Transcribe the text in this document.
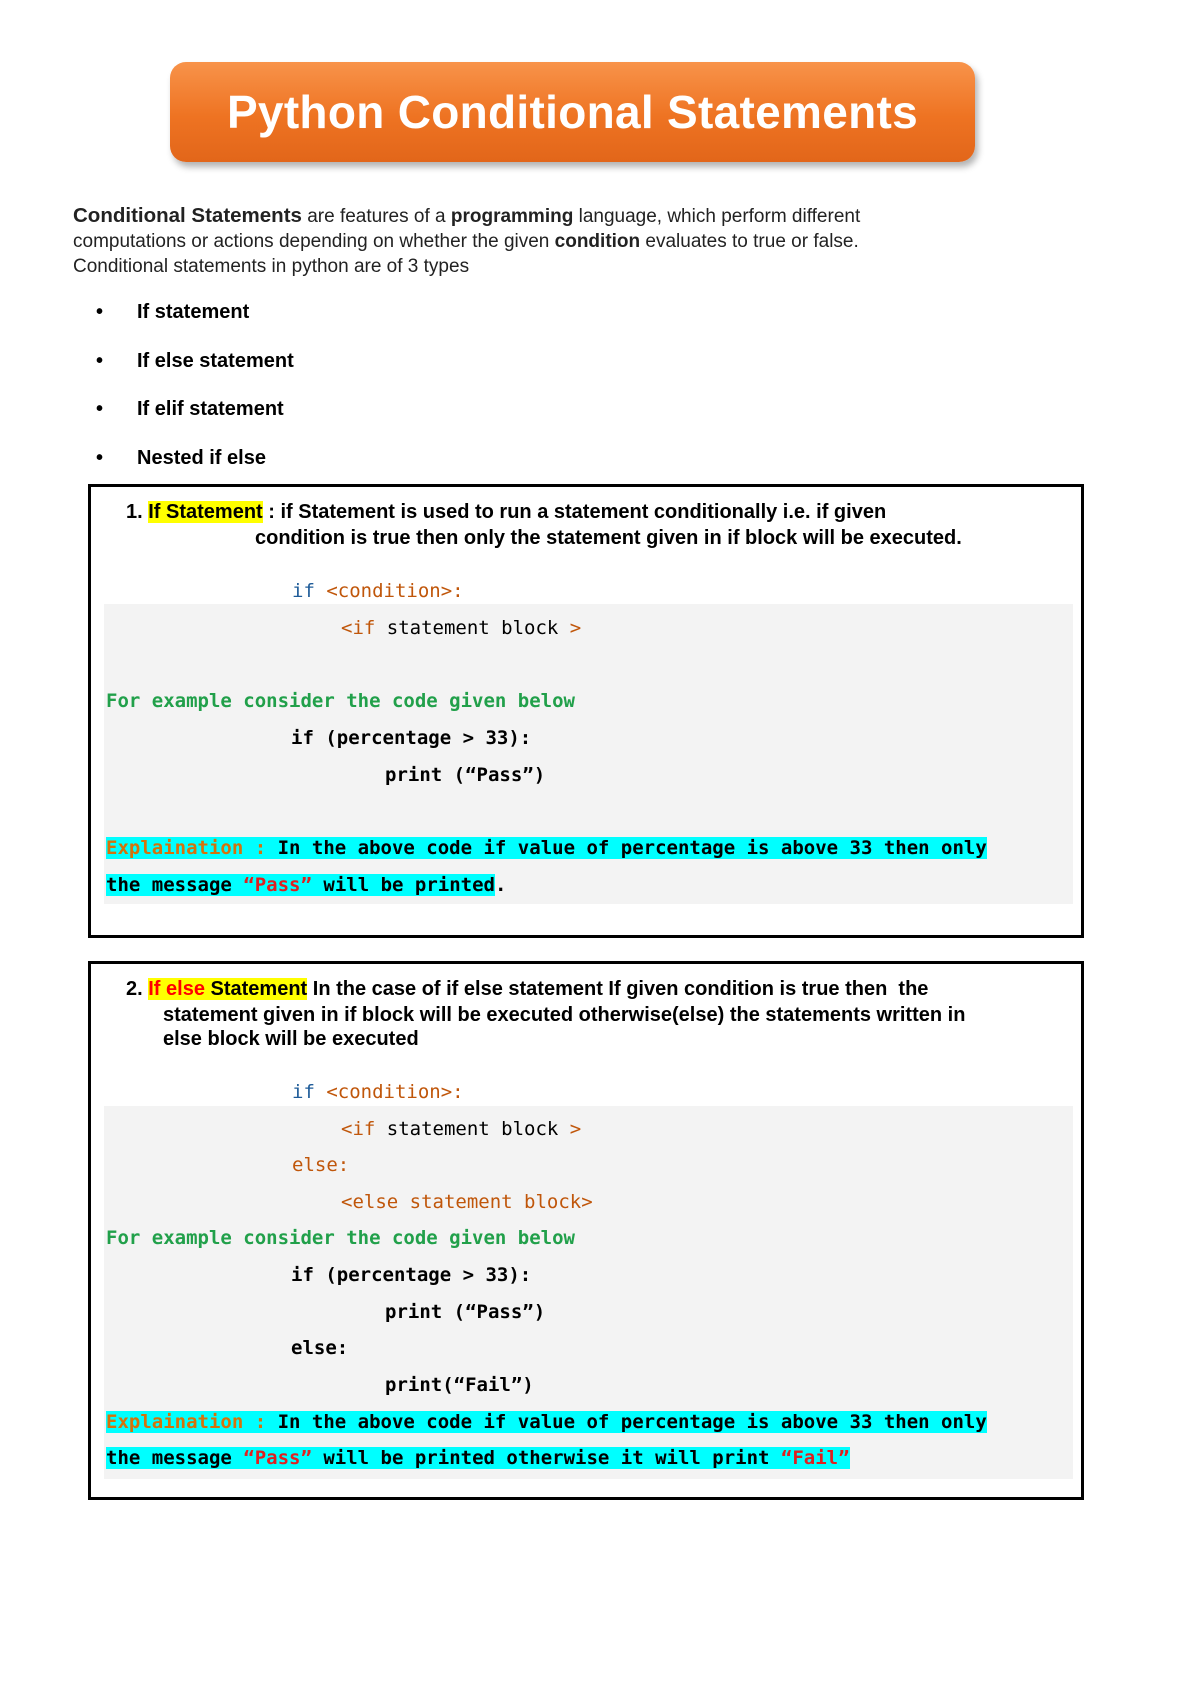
Python Conditional Statements
Conditional Statements are features of a programming language, which perform different
computations or actions depending on whether the given condition evaluates to true or false.
Conditional statements in python are of 3 types
• If statement
• If else statement
• If elif statement
• Nested if else
1. If Statement : if Statement is used to run a statement conditionally i.e. if given
condition is true then only the statement given in if block will be executed.
if <condition>:
<if statement block >
For example consider the code given below
if (percentage > 33):
print (“Pass”)
Explaination : In the above code if value of percentage is above 33 then only
the message “Pass” will be printed.
2. If else Statement In the case of if else statement If given condition is true then  the
statement given in if block will be executed otherwise(else) the statements written in
else block will be executed
if <condition>:
<if statement block >
else:
<else statement block>
For example consider the code given below
if (percentage > 33):
print (“Pass”)
else:
print(“Fail”)
Explaination : In the above code if value of percentage is above 33 then only
the message “Pass” will be printed otherwise it will print “Fail”
